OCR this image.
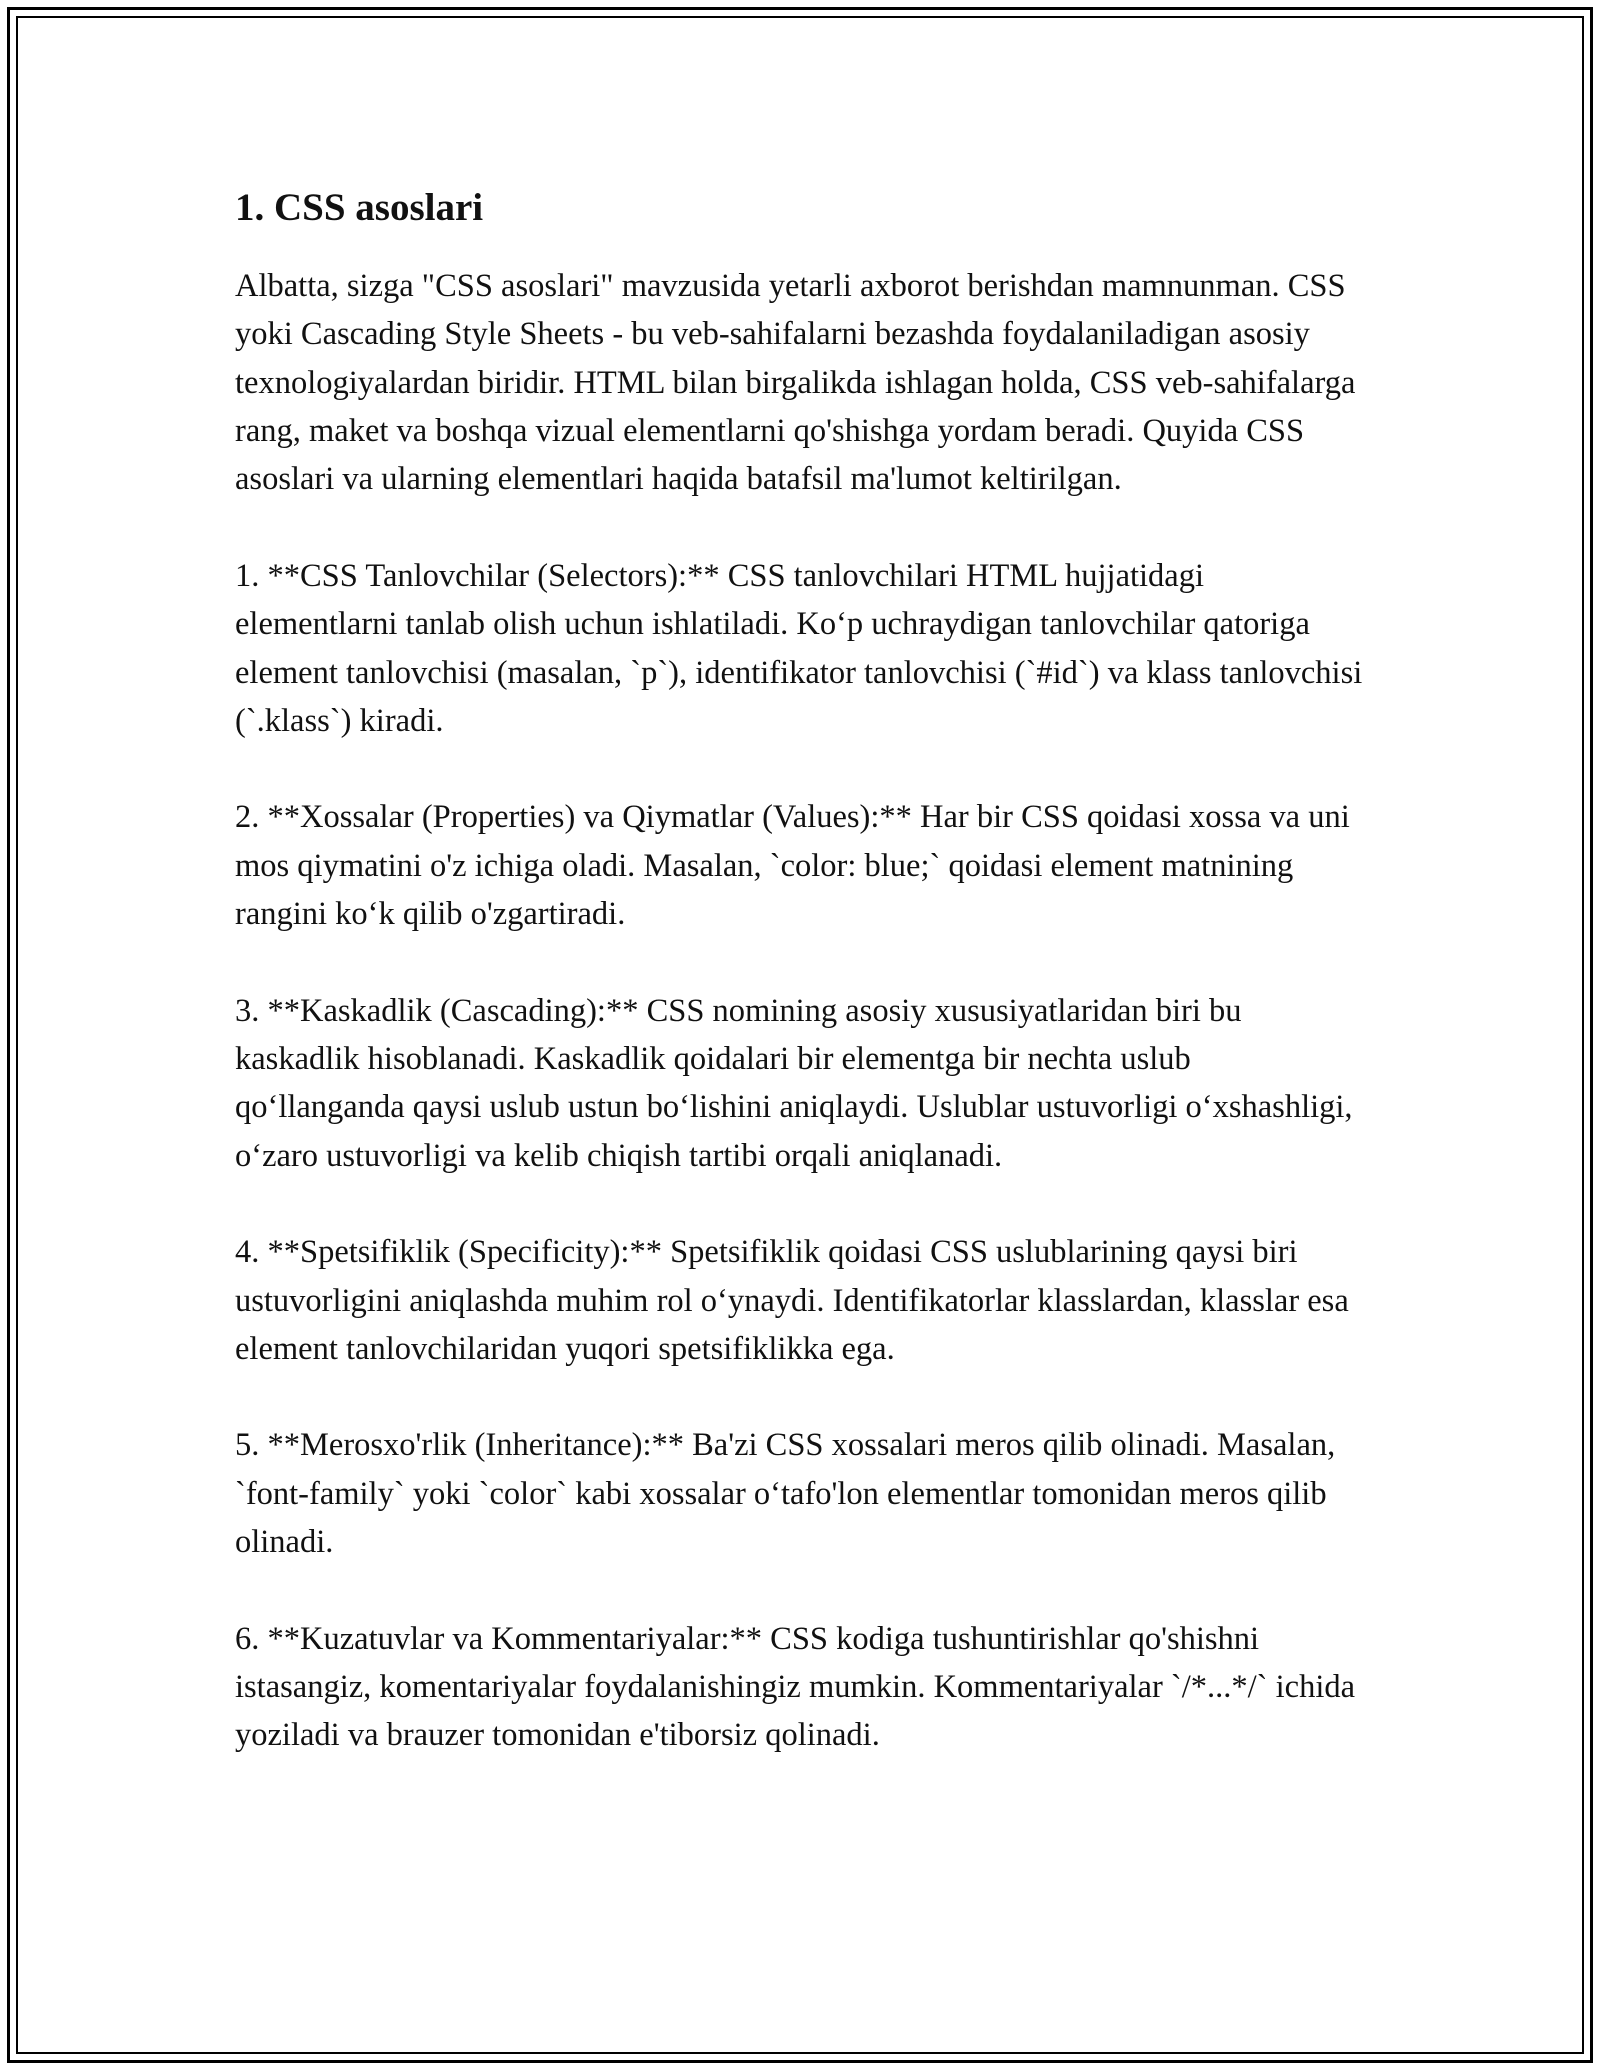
1. CSS asoslari

Albatta, sizga "CSS asoslari" mavzusida yetarli axborot berishdan mamnunman. CSS yoki Cascading Style Sheets - bu veb-sahifalarni bezashda foydalaniladigan asosiy texnologiyalardan biridir. HTML bilan birgalikda ishlagan holda, CSS veb-sahifalarga rang, maket va boshqa vizual elementlarni qo'shishga yordam beradi. Quyida CSS asoslari va ularning elementlari haqida batafsil ma'lumot keltirilgan.

1. **CSS Tanlovchilar (Selectors):** CSS tanlovchilari HTML hujjatidagi elementlarni tanlab olish uchun ishlatiladi. Ko‘p uchraydigan tanlovchilar qatoriga element tanlovchisi (masalan, `p`), identifikator tanlovchisi (`#id`) va klass tanlovchisi (`.klass`) kiradi.

2. **Xossalar (Properties) va Qiymatlar (Values):** Har bir CSS qoidasi xossa va uni mos qiymatini o'z ichiga oladi. Masalan, `color: blue;` qoidasi element matnining rangini ko‘k qilib o'zgartiradi.

3. **Kaskadlik (Cascading):** CSS nomining asosiy xususiyatlaridan biri bu kaskadlik hisoblanadi. Kaskadlik qoidalari bir elementga bir nechta uslub qo‘llanganda qaysi uslub ustun bo‘lishini aniqlaydi. Uslublar ustuvorligi o‘xshashligi, o‘zaro ustuvorligi va kelib chiqish tartibi orqali aniqlanadi.

4. **Spetsifiklik (Specificity):** Spetsifiklik qoidasi CSS uslublarining qaysi biri ustuvorligini aniqlashda muhim rol o‘ynaydi. Identifikatorlar klasslardan, klasslar esa element tanlovchilaridan yuqori spetsifiklikka ega.

5. **Merosxo'rlik (Inheritance):** Ba'zi CSS xossalari meros qilib olinadi. Masalan, `font-family` yoki `color` kabi xossalar o‘tafo'lon elementlar tomonidan meros qilib olinadi.

6. **Kuzatuvlar va Kommentariyalar:** CSS kodiga tushuntirishlar qo'shishni istasangiz, komentariyalar foydalanishingiz mumkin. Kommentariyalar `/*...*/` ichida yoziladi va brauzer tomonidan e'tiborsiz qolinadi.
